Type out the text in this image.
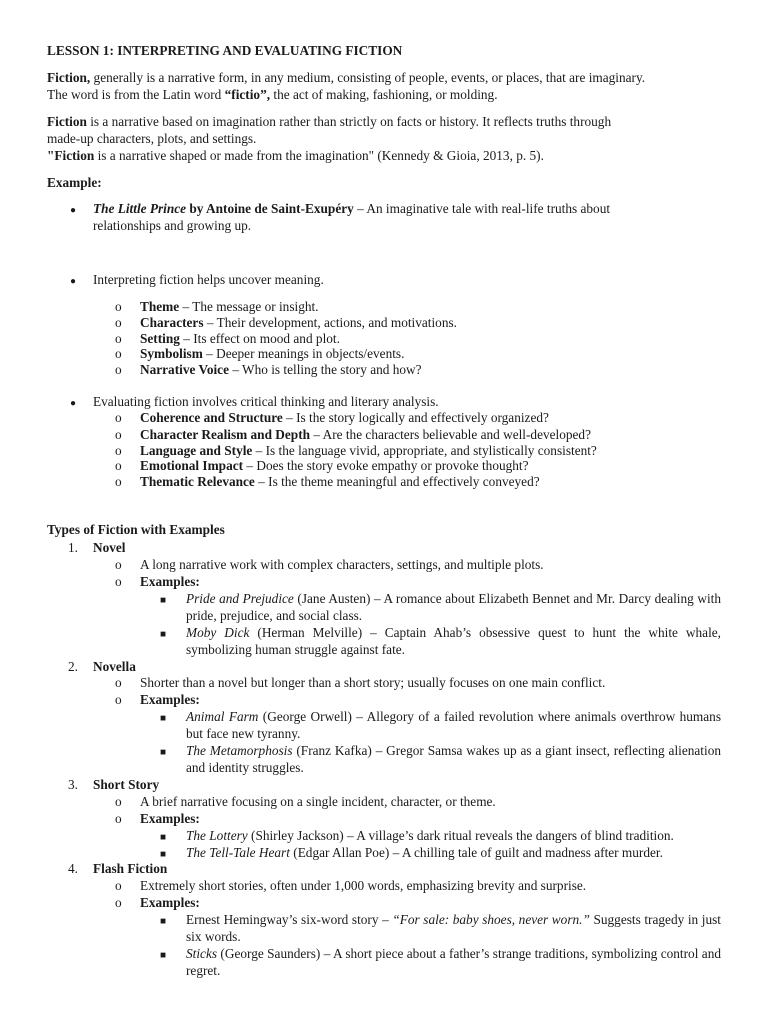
LESSON 1: INTERPRETING AND EVALUATING FICTION
Fiction, generally is a narrative form, in any medium, consisting of people, events, or places, that are imaginary.
The word is from the Latin word “fictio”, the act of making, fashioning, or molding.
Fiction is a narrative based on imagination rather than strictly on facts or history. It reflects truths through
made-up characters, plots, and settings.
"Fiction is a narrative shaped or made from the imagination" (Kennedy & Gioia, 2013, p. 5).
Example:
● The Little Prince by Antoine de Saint-Exupéry – An imaginative tale with real-life truths about
relationships and growing up.
● Interpreting fiction helps uncover meaning.
o Theme – The message or insight.
o Characters – Their development, actions, and motivations.
o Setting – Its effect on mood and plot.
o Symbolism – Deeper meanings in objects/events.
o Narrative Voice – Who is telling the story and how?
● Evaluating fiction involves critical thinking and literary analysis.
o Coherence and Structure – Is the story logically and effectively organized?
o Character Realism and Depth – Are the characters believable and well-developed?
o Language and Style – Is the language vivid, appropriate, and stylistically consistent?
o Emotional Impact – Does the story evoke empathy or provoke thought?
o Thematic Relevance – Is the theme meaningful and effectively conveyed?
Types of Fiction with Examples
1. Novel
o A long narrative work with complex characters, settings, and multiple plots.
o Examples:
■ Pride and Prejudice (Jane Austen) – A romance about Elizabeth Bennet and Mr. Darcy dealing with pride, prejudice, and social class.
■ Moby Dick (Herman Melville) – Captain Ahab’s obsessive quest to hunt the white whale, symbolizing human struggle against fate.
2. Novella
o Shorter than a novel but longer than a short story; usually focuses on one main conflict.
o Examples:
■ Animal Farm (George Orwell) – Allegory of a failed revolution where animals overthrow humans but face new tyranny.
■ The Metamorphosis (Franz Kafka) – Gregor Samsa wakes up as a giant insect, reflecting alienation and identity struggles.
3. Short Story
o A brief narrative focusing on a single incident, character, or theme.
o Examples:
■ The Lottery (Shirley Jackson) – A village’s dark ritual reveals the dangers of blind tradition.
■ The Tell-Tale Heart (Edgar Allan Poe) – A chilling tale of guilt and madness after murder.
4. Flash Fiction
o Extremely short stories, often under 1,000 words, emphasizing brevity and surprise.
o Examples:
■ Ernest Hemingway’s six-word story – “For sale: baby shoes, never worn.” Suggests tragedy in just six words.
■ Sticks (George Saunders) – A short piece about a father’s strange traditions, symbolizing control and regret.
